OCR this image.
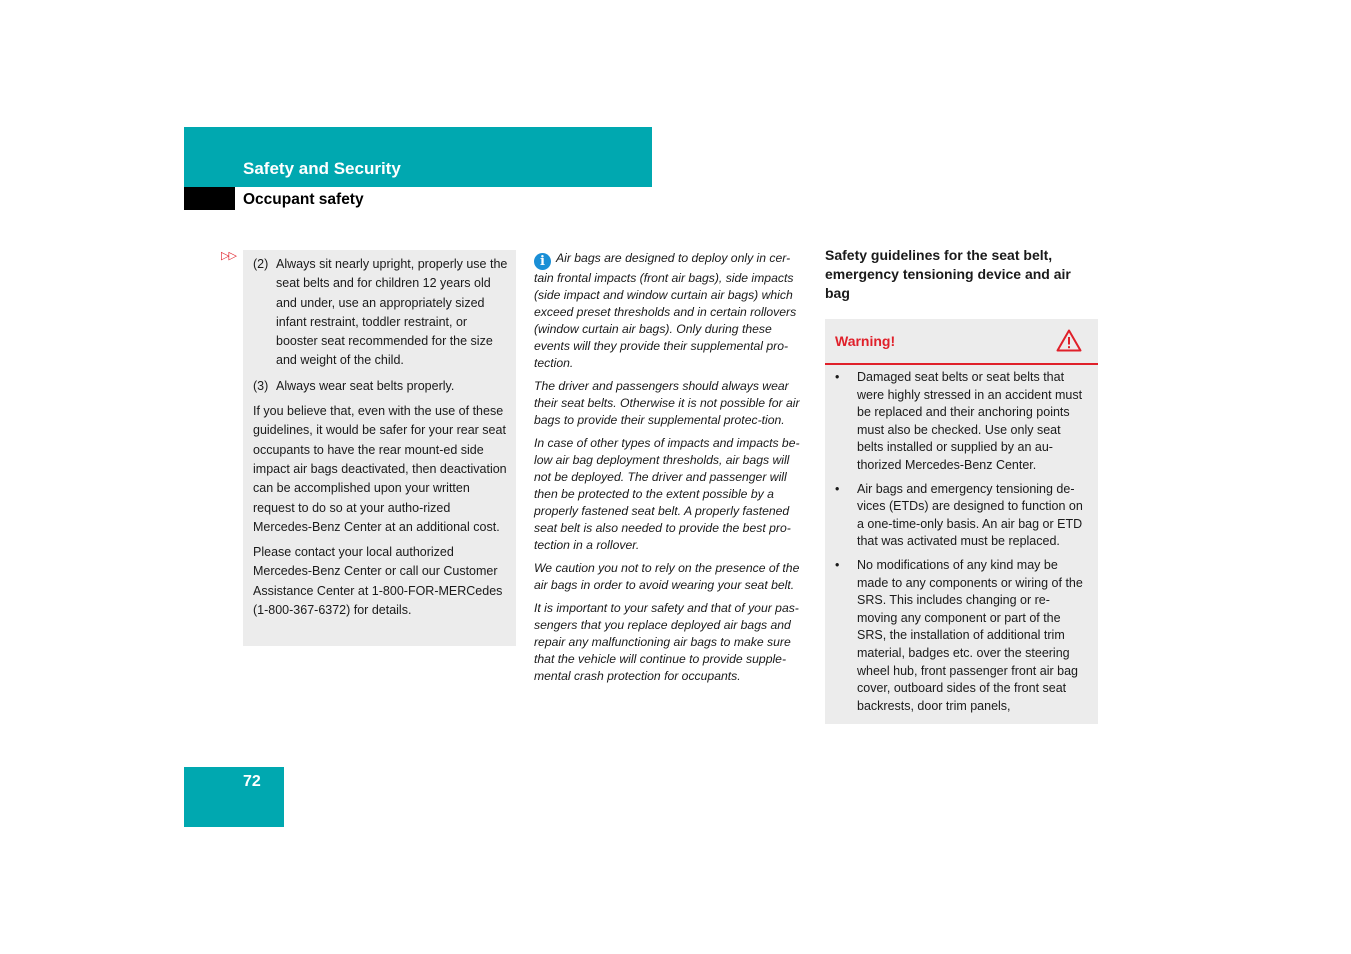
Safety and Security
Occupant safety
▷▷
(2) Always sit nearly upright, properly use the seat belts and for children 12 years old and under, use an appropriately sized infant restraint, toddler restraint, or booster seat recommended for the size and weight of the child.
(3) Always wear seat belts properly.

If you believe that, even with the use of these guidelines, it would be safer for your rear seat occupants to have the rear mount-ed side impact air bags deactivated, then deactivation can be accomplished upon your written request to do so at your autho-rized Mercedes-Benz Center at an additional cost.

Please contact your local authorized Mercedes-Benz Center or call our Customer Assistance Center at 1-800-FOR-MERCedes (1-800-367-6372) for details.

i Air bags are designed to deploy only in cer-tain frontal impacts (front air bags), side impacts (side impact and window curtain air bags) which exceed preset thresholds and in certain rollovers (window curtain air bags). Only during these events will they provide their supplemental pro-tection.

The driver and passengers should always wear their seat belts. Otherwise it is not possible for air bags to provide their supplemental protec-tion.

In case of other types of impacts and impacts be-low air bag deployment thresholds, air bags will not be deployed. The driver and passenger will then be protected to the extent possible by a properly fastened seat belt. A properly fastened seat belt is also needed to provide the best pro-tection in a rollover.

We caution you not to rely on the presence of the air bags in order to avoid wearing your seat belt.

It is important to your safety and that of your pas-sengers that you replace deployed air bags and repair any malfunctioning air bags to make sure that the vehicle will continue to provide supple-mental crash protection for occupants.

Safety guidelines for the seat belt, emergency tensioning device and air bag
Warning!
•	Damaged seat belts or seat belts that were highly stressed in an accident must be replaced and their anchoring points must also be checked. Use only seat belts installed or supplied by an au-thorized Mercedes-Benz Center.
•	Air bags and emergency tensioning de-vices (ETDs) are designed to function on a one-time-only basis. An air bag or ETD that was activated must be replaced.
•	No modifications of any kind may be made to any components or wiring of the SRS. This includes changing or re-moving any component or part of the SRS, the installation of additional trim material, badges etc. over the steering wheel hub, front passenger front air bag cover, outboard sides of the front seat backrests, door trim panels,
72
